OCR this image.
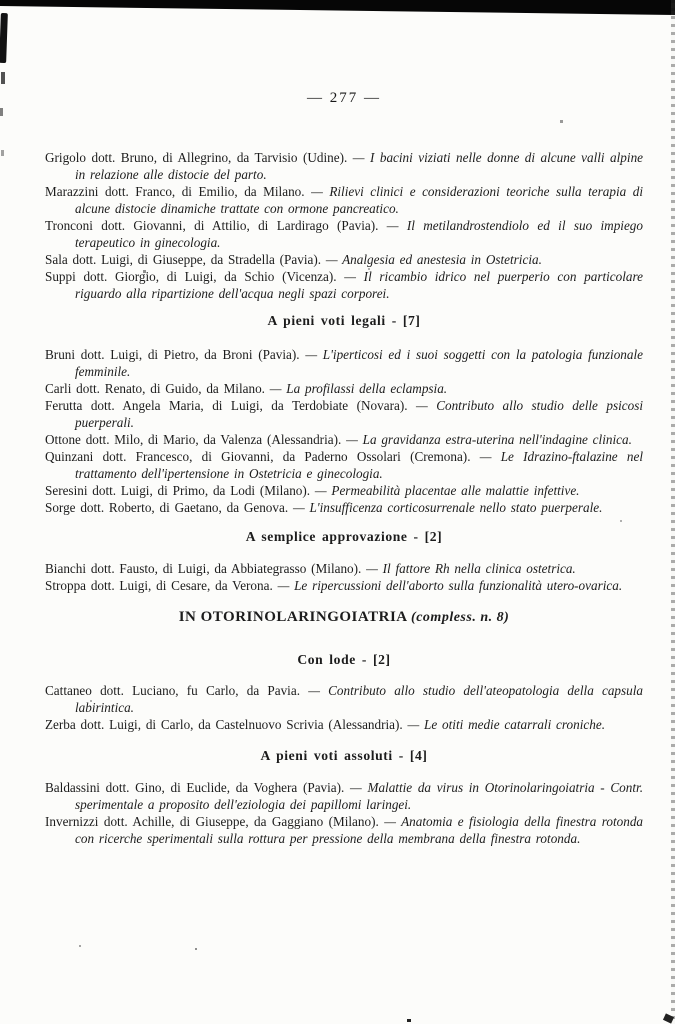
— 277 —

Grigolo dott. Bruno, di Allegrino, da Tarvisio (Udine). — I bacini viziati nelle donne di alcune valli alpine in relazione alle distocie del parto.

Marazzini dott. Franco, di Emilio, da Milano. — Rilievi clinici e considerazioni teoriche sulla terapia di alcune distocie dinamiche trattate con ormone pancreatico.

Tronconi dott. Giovanni, di Attilio, di Lardirago (Pavia). — Il metilandrostendiolo ed il suo impiego terapeutico in ginecologia.

Sala dott. Luigi, di Giuseppe, da Stradella (Pavia). — Analgesia ed anestesia in Ostetricia.

Suppi dott. Giorgio, di Luigi, da Schio (Vicenza). — Il ricambio idrico nel puerperio con particolare riguardo alla ripartizione dell'acqua negli spazi corporei.

A pieni voti legali - [7]

Bruni dott. Luigi, di Pietro, da Broni (Pavia). — L'iperticosi ed i suoi soggetti con la patologia funzionale femminile.

Carli dott. Renato, di Guido, da Milano. — La profilassi della eclampsia.

Ferutta dott. Angela Maria, di Luigi, da Terdobiate (Novara). — Contributo allo studio delle psicosi puerperali.

Ottone dott. Milo, di Mario, da Valenza (Alessandria). — La gravidanza estra-uterina nell'indagine clinica.

Quinzani dott. Francesco, di Giovanni, da Paderno Ossolari (Cremona). — Le Idrazino-ftalazine nel trattamento dell'ipertensione in Ostetricia e ginecologia.

Seresini dott. Luigi, di Primo, da Lodi (Milano). — Permeabilità placentae alle malattie infettive.

Sorge dott. Roberto, di Gaetano, da Genova. — L'insufficenza corticosurrenale nello stato puerperale.

A semplice approvazione - [2]

Bianchi dott. Fausto, di Luigi, da Abbiategrasso (Milano). — Il fattore Rh nella clinica ostetrica.

Stroppa dott. Luigi, di Cesare, da Verona. — Le ripercussioni dell'aborto sulla funzionalità utero-ovarica.

IN OTORINOLARINGOIATRIA (compless. n. 8)
Con lode - [2]

Cattaneo dott. Luciano, fu Carlo, da Pavia. — Contributo allo studio dell'ateopatologia della capsula labirintica.

Zerba dott. Luigi, di Carlo, da Castelnuovo Scrivia (Alessandria). — Le otiti medie catarrali croniche.

A pieni voti assoluti - [4]

Baldassini dott. Gino, di Euclide, da Voghera (Pavia). — Malattie da virus in Otorinolaringoiatria - Contr. sperimentale a proposito dell'eziologia dei papillomi laringei.

Invernizzi dott. Achille, di Giuseppe, da Gaggiano (Milano). — Anatomia e fisiologia della finestra rotonda con ricerche sperimentali sulla rottura per pressione della membrana della finestra rotonda.
